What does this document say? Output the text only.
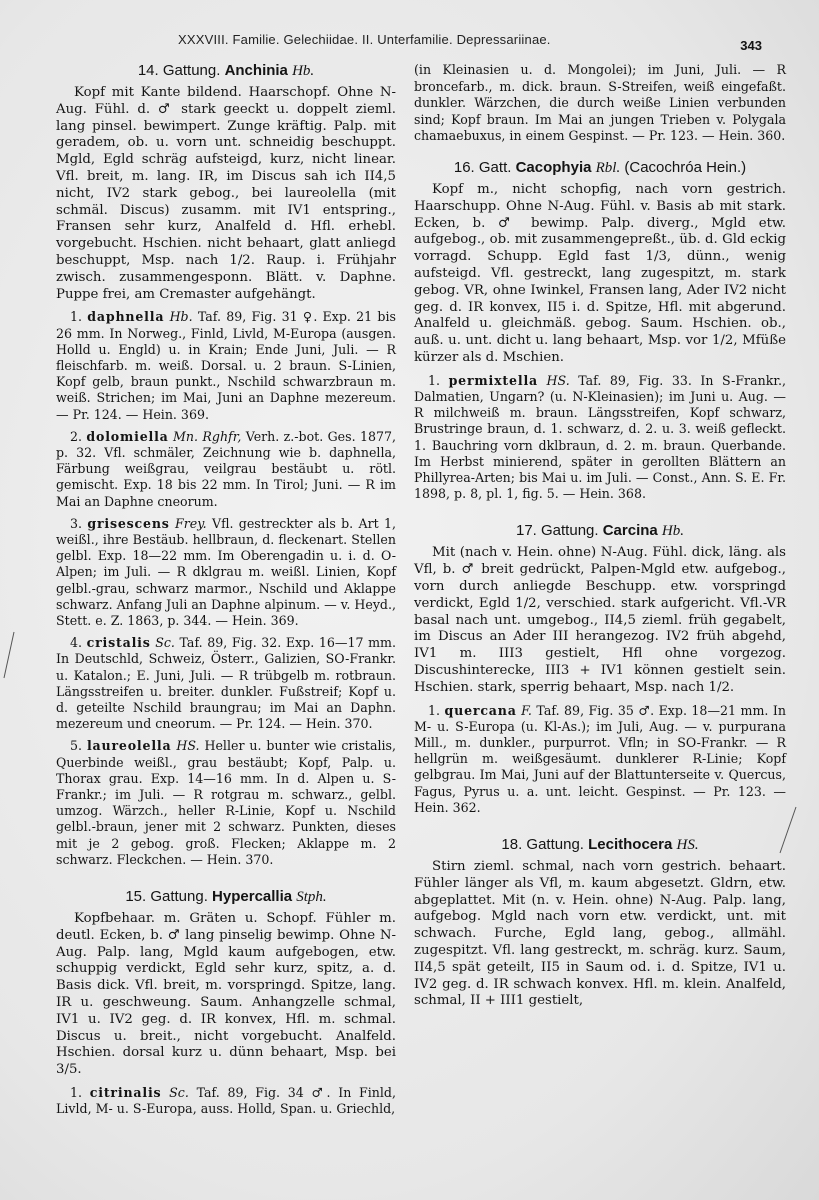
XXXVIII. Familie. Gelechiidae. II. Unterfamilie. Depressariinae.	343
14. Gattung. Anchinia Hb.

Kopf mit Kante bildend. Haarschopf. Ohne N-Aug. Fühl. d. ♂ stark geeckt u. doppelt zieml. lang pinsel. bewimpert. Zunge kräftig. Palp. mit geradem, ob. u. vorn unt. schneidig beschuppt. Mgld, Egld schräg aufsteigd, kurz, nicht linear. Vfl. breit, m. lang. IR, im Discus sah ich II4,5 nicht, IV2 stark gebog., bei laureolella (mit schmäl. Discus) zusamm. mit IV1 entspring., Fransen sehr kurz, Analfeld d. Hfl. erhebl. vorgebucht. Hschien. nicht behaart, glatt anliegd beschuppt, Msp. nach 1/2. Raup. i. Frühjahr zwisch. zusammengesponn. Blätt. v. Daphne. Puppe frei, am Cremaster aufgehängt.

1. daphnella Hb. Taf. 89, Fig. 31 ♀. Exp. 21 bis 26 mm. In Norweg., Finld, Livld, M-Europa (ausgen. Holld u. Engld) u. in Krain; Ende Juni, Juli. — R fleischfarb. m. weiß. Dorsal. u. 2 braun. S-Linien, Kopf gelb, braun punkt., Nschild schwarzbraun m. weiß. Strichen; im Mai, Juni an Daphne mezereum. — Pr. 124. — Hein. 369.

2. dolomiella Mn. Rghfr, Verh. z.-bot. Ges. 1877, p. 32. Vfl. schmäler, Zeichnung wie b. daphnella, Färbung weißgrau, veilgrau bestäubt u. rötl. gemischt. Exp. 18 bis 22 mm. In Tirol; Juni. — R im Mai an Daphne cneorum.

3. grisescens Frey. Vfl. gestreckter als b. Art 1, weißl., ihre Bestäub. hellbraun, d. fleckenart. Stellen gelbl. Exp. 18—22 mm. Im Oberengadin u. i. d. O-Alpen; im Juli. — R dklgrau m. weißl. Linien, Kopf gelbl.-grau, schwarz marmor., Nschild und Aklappe schwarz. Anfang Juli an Daphne alpinum. — v. Heyd., Stett. e. Z. 1863, p. 344. — Hein. 369.

4. cristalis Sc. Taf. 89, Fig. 32. Exp. 16—17 mm. In Deutschld, Schweiz, Österr., Galizien, SO-Frankr. u. Katalon.; E. Juni, Juli. — R trübgelb m. rotbraun. Längsstreifen u. breiter. dunkler. Fußstreif; Kopf u. d. geteilte Nschild braungrau; im Mai an Daphn. mezereum und cneorum. — Pr. 124. — Hein. 370.

5. laureolella HS. Heller u. bunter wie cristalis, Querbinde weißl., grau bestäubt; Kopf, Palp. u. Thorax grau. Exp. 14—16 mm. In d. Alpen u. S-Frankr.; im Juli. — R rotgrau m. schwarz., gelbl. umzog. Wärzch., heller R-Linie, Kopf u. Nschild gelbl.-braun, jener mit 2 schwarz. Punkten, dieses mit je 2 gebog. groß. Flecken; Aklappe m. 2 schwarz. Fleckchen. — Hein. 370.

15. Gattung. Hypercallia Stph.

Kopfbehaar. m. Gräten u. Schopf. Fühler m. deutl. Ecken, b. ♂ lang pinselig bewimp. Ohne N-Aug. Palp. lang, Mgld kaum aufgebogen, etw. schuppig verdickt, Egld sehr kurz, spitz, a. d. Basis dick. Vfl. breit, m. vorspringd. Spitze, lang. IR u. geschweung. Saum. Anhangzelle schmal, IV1 u. IV2 geg. d. IR konvex, Hfl. m. schmal. Discus u. breit., nicht vorgebucht. Analfeld. Hschien. dorsal kurz u. dünn behaart, Msp. bei 3/5.

1. citrinalis Sc. Taf. 89, Fig. 34 ♂. In Finld, Livld, M- u. S-Europa, auss. Holld, Span. u. Griechld,

(in Kleinasien u. d. Mongolei); im Juni, Juli. — R broncefarb., m. dick. braun. S-Streifen, weiß eingefaßt. dunkler. Wärzchen, die durch weiße Linien verbunden sind; Kopf braun. Im Mai an jungen Trieben v. Polygala chamaebuxus, in einem Gespinst. — Pr. 123. — Hein. 360.

16. Gatt. Cacophyia Rbl. (Cacochróa Hein.)

Kopf m., nicht schopfig, nach vorn gestrich. Haarschupp. Ohne N-Aug. Fühl. v. Basis ab mit stark. Ecken, b. ♂ bewimp. Palp. diverg., Mgld etw. aufgebog., ob. mit zusammengepreßt., üb. d. Gld eckig vorragd. Schupp. Egld fast 1/3, dünn., wenig aufsteigd. Vfl. gestreckt, lang zugespitzt, m. stark gebog. VR, ohne Iwinkel, Fransen lang, Ader IV2 nicht geg. d. IR konvex, II5 i. d. Spitze, Hfl. mit abgerund. Analfeld u. gleichmäß. gebog. Saum. Hschien. ob., auß. u. unt. dicht u. lang behaart, Msp. vor 1/2, Mfüße kürzer als d. Mschien.

1. permixtella HS. Taf. 89, Fig. 33. In S-Frankr., Dalmatien, Ungarn? (u. N-Kleinasien); im Juni u. Aug. — R milchweiß m. braun. Längsstreifen, Kopf schwarz, Brustringe braun, d. 1. schwarz, d. 2. u. 3. weiß gefleckt. 1. Bauchring vorn dklbraun, d. 2. m. braun. Querbande. Im Herbst minierend, später in gerollten Blättern an Phillyrea-Arten; bis Mai u. im Juli. — Const., Ann. S. E. Fr. 1898, p. 8, pl. 1, fig. 5. — Hein. 368.

17. Gattung. Carcina Hb.

Mit (nach v. Hein. ohne) N-Aug. Fühl. dick, läng. als Vfl, b. ♂ breit gedrückt, Palpen-Mgld etw. aufgebog., vorn durch anliegde Beschupp. etw. vorspringd verdickt, Egld 1/2, verschied. stark aufgericht. Vfl.-VR basal nach unt. umgebog., II4,5 zieml. früh gegabelt, im Discus an Ader III herangezog. IV2 früh abgehd, IV1 m. III3 gestielt, Hfl ohne vorgezog. Discushinterecke, III3 + IV1 können gestielt sein. Hschien. stark, sperrig behaart, Msp. nach 1/2.

1. quercana F. Taf. 89, Fig. 35 ♂. Exp. 18—21 mm. In M- u. S-Europa (u. Kl-As.); im Juli, Aug. — v. purpurana Mill., m. dunkler., purpurrot. Vfln; in SO-Frankr. — R hellgrün m. weißgesäumt. dunklerer R-Linie; Kopf gelbgrau. Im Mai, Juni auf der Blattunterseite v. Quercus, Fagus, Pyrus u. a. unt. leicht. Gespinst. — Pr. 123. — Hein. 362.

18. Gattung. Lecithocera HS.

Stirn zieml. schmal, nach vorn gestrich. behaart. Fühler länger als Vfl, m. kaum abgesetzt. Gldrn, etw. abgeplattet. Mit (n. v. Hein. ohne) N-Aug. Palp. lang, aufgebog. Mgld nach vorn etw. verdickt, unt. mit schwach. Furche, Egld lang, gebog., allmähl. zugespitzt. Vfl. lang gestreckt, m. schräg. kurz. Saum, II4,5 spät geteilt, II5 in Saum od. i. d. Spitze, IV1 u. IV2 geg. d. IR schwach konvex. Hfl. m. klein. Analfeld, schmal, II + III1 gestielt,
